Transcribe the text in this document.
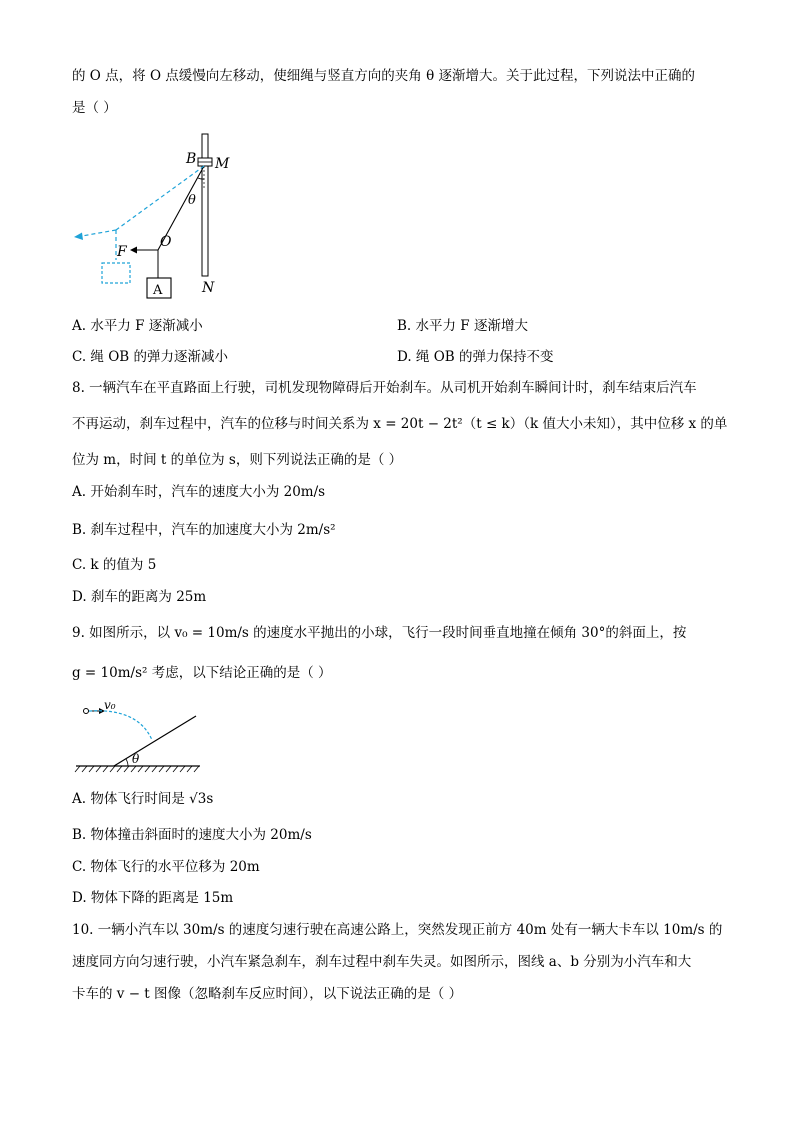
的 O 点，将 O 点缓慢向左移动，使细绳与竖直方向的夹角 θ 逐渐增大。关于此过程，下列说法中正确的
是（ ）
B M
θ
F
O
A	N
A. 水平力 F 逐渐减小	B. 水平力 F 逐渐增大
C. 绳 OB 的弹力逐渐减小	D. 绳 OB 的弹力保持不变
8. 一辆汽车在平直路面上行驶，司机发现物障碍后开始刹车。从司机开始刹车瞬间计时，刹车结束后汽车
不再运动，刹车过程中，汽车的位移与时间关系为 x = 20t − 2t²（t ≤ k）（k 值大小未知），其中位移 x 的单
位为 m，时间 t 的单位为 s，则下列说法正确的是（ ）
A. 开始刹车时，汽车的速度大小为 20m/s
B. 刹车过程中，汽车的加速度大小为 2m/s²
C. k 的值为 5
D. 刹车的距离为 25m
9. 如图所示，以 v₀ = 10m/s 的速度水平抛出的小球，飞行一段时间垂直地撞在倾角 30°的斜面上，按
g = 10m/s² 考虑，以下结论正确的是（ ）
v₀
θ
A. 物体飞行时间是 √3s
B. 物体撞击斜面时的速度大小为 20m/s
C. 物体飞行的水平位移为 20m
D. 物体下降的距离是 15m
10. 一辆小汽车以 30m/s 的速度匀速行驶在高速公路上，突然发现正前方 40m 处有一辆大卡车以 10m/s 的
速度同方向匀速行驶，小汽车紧急刹车，刹车过程中刹车失灵。如图所示，图线 a、b 分别为小汽车和大
卡车的 v − t 图像（忽略刹车反应时间），以下说法正确的是（ ）
